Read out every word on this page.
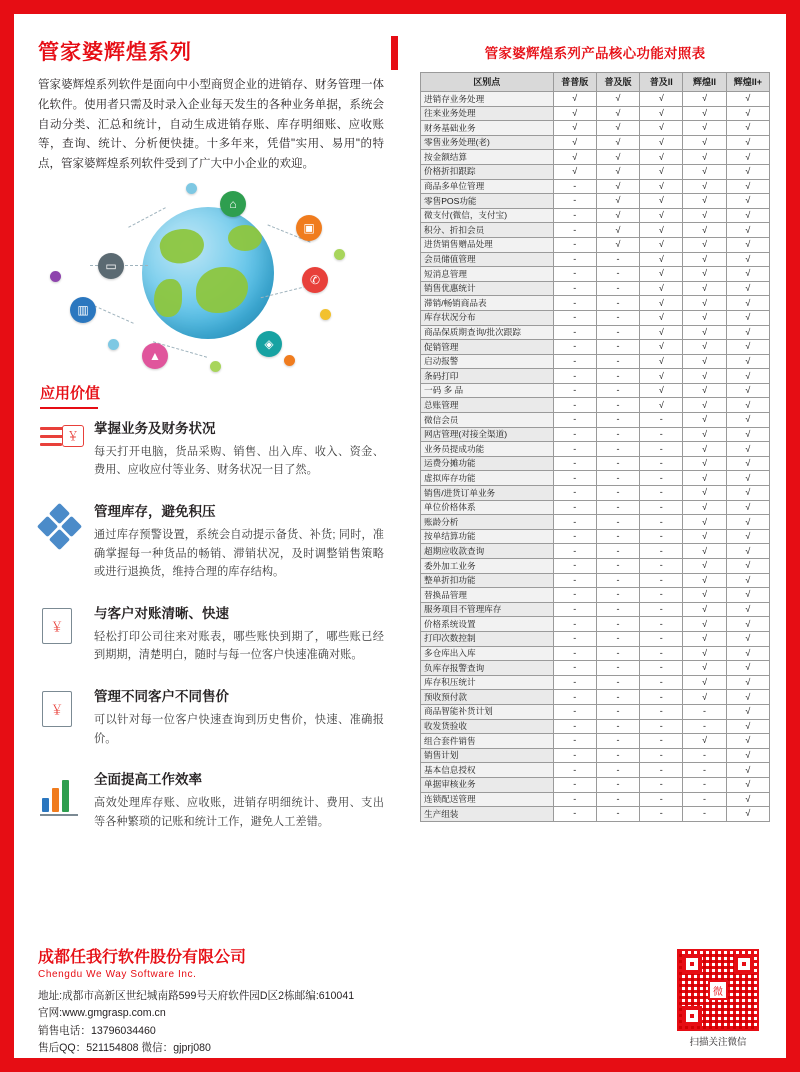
管家婆辉煌系列

管家婆辉煌系列软件是面向中小型商贸企业的进销存、财务管理一体化软件。使用者只需及时录入企业每天发生的各种业务单据，系统会自动分类、汇总和统计，自动生成进销存账、库存明细账、应收账等，查询、统计、分析便快捷。十多年来，凭借"实用、易用"的特点，管家婆辉煌系列软件受到了广大中小企业的欢迎。

⌂
▣
✆
▭
▥
▲
◈
应用价值
￥

掌握业务及财务状况

每天打开电脑，货品采购、销售、出入库、收入、资金、费用、应收应付等业务、财务状况一目了然。

管理库存，避免积压

通过库存预警设置，系统会自动提示备货、补货; 同时，准确掌握每一种货品的畅销、滞销状况，及时调整销售策略或进行退换货，维持合理的库存结构。

￥

与客户对账清晰、快速

轻松打印公司往来对账表，哪些账快到期了，哪些账已经到期期，清楚明白，随时与每一位客户快速准确对账。

￥

管理不同客户不同售价

可以针对每一位客户快速查询到历史售价，快速、准确报价。

全面提高工作效率

高效处理库存账、应收账，进销存明细统计、费用、支出等各种繁琐的记账和统计工作，避免人工差错。

管家婆辉煌系列产品核心功能对照表
区别点	普普版	普及版	普及II	辉煌II	辉煌II+
进销存业务处理	√	√	√	√	√
往来业务处理	√	√	√	√	√
财务基础业务	√	√	√	√	√
零售业务处理(老)	√	√	√	√	√
按金额结算	√	√	√	√	√
价格折扣跟踪	√	√	√	√	√
商品多单位管理	-	√	√	√	√
零售POS功能	-	√	√	√	√
微支付(微信，支付宝)	-	√	√	√	√
积分、折扣会员	-	√	√	√	√
进货销售赠品处理	-	√	√	√	√
会员储值管理	-	-	√	√	√
短消息管理	-	-	√	√	√
销售优惠统计	-	-	√	√	√
滞销/畅销商品表	-	-	√	√	√
库存状况分布	-	-	√	√	√
商品保质期查询/批次跟踪	-	-	√	√	√
促销管理	-	-	√	√	√
启动报警	-	-	√	√	√
条码打印	-	-	√	√	√
一码 多 品	-	-	√	√	√
总账管理	-	-	√	√	√
微信会员	-	-	-	√	√
网店管理(对接全渠道)	-	-	-	√	√
业务员提成功能	-	-	-	√	√
运费分摊功能	-	-	-	√	√
虚拟库存功能	-	-	-	√	√
销售/进货订单业务	-	-	-	√	√
单位价格体系	-	-	-	√	√
账龄分析	-	-	-	√	√
按单结算功能	-	-	-	√	√
超期应收款查询	-	-	-	√	√
委外加工业务	-	-	-	√	√
整单折扣功能	-	-	-	√	√
替换品管理	-	-	-	√	√
服务项目不管理库存	-	-	-	√	√
价格系统设置	-	-	-	√	√
打印次数控制	-	-	-	√	√
多仓库出入库	-	-	-	√	√
负库存报警查询	-	-	-	√	√
库存积压统计	-	-	-	√	√
预收预付款	-	-	-	√	√
商品智能补货计划	-	-	-	-	√
收发货验收	-	-	-	-	√
组合套件销售	-	-	-	√	√
销售计划	-	-	-	-	√
基本信息授权	-	-	-	-	√
单据审核业务	-	-	-	-	√
连锁配送管理	-	-	-	-	√
生产组装	-	-	-	-	√

成都任我行软件股份有限公司

Chengdu We Way Software Inc.

地址:成都市高新区世纪城南路599号天府软件园D区2栋邮编:610041

官网:www.gmgrasp.com.cn

销售电话：13796034460

售后QQ：521154808 微信：gjprj080

微
扫描关注微信
